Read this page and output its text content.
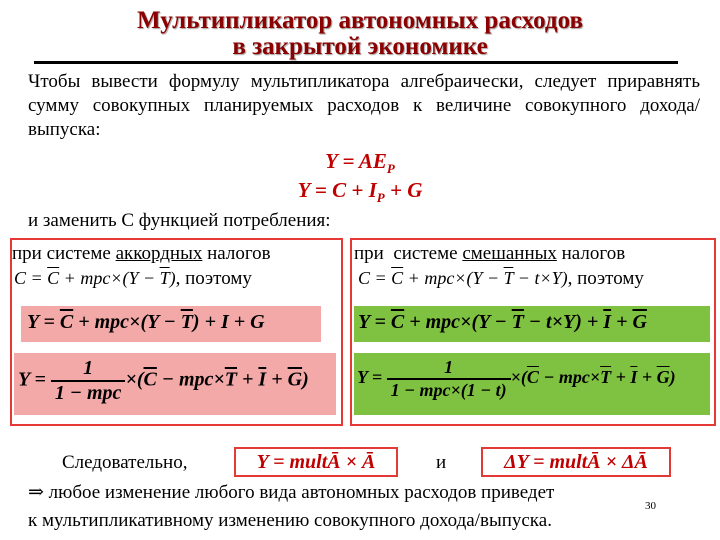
Мультипликатор автономных расходов
в закрытой экономике
Чтобы вывести формулу мультипликатора алгебраически, следует приравнять сумму совокупных планируемых расходов к величине совокупного дохода/выпуска:
$Y = AE_P$
$Y = C + I_P + G$
и заменить C функцией потребления:
при системе аккордных налогов
$C = \overline{C} + mpc\times(Y - \overline{T})$, поэтому
$Y = \overline{C} + mpc\times(Y - \overline{T}) + I + G$
$Y = \frac{1}{\text{1 − mpc}} \times(\overline{C} - mpc\times\overline{T} + \overline{I} + \overline{G})$
при  системе смешанных налогов
$C = \overline{C} + mpc\times(Y - \overline{T} - t\times Y)$, поэтому
$Y = \overline{C} + mpc\times(Y - \overline{T} - t\times Y) + \overline{I} + \overline{G}$
$Y = \frac{1}{\text{1 − mpc×(1 − t)}} \times(\overline{C} - mpc\times\overline{T} + \overline{I} + \overline{G})$
Следовательно,	Y = multĀ × Ā	и	ΔY = multĀ × ΔĀ
⇒ любое изменение любого вида автономных расходов приведет
30
к мультипликативному изменению совокупного дохода/выпуска.
